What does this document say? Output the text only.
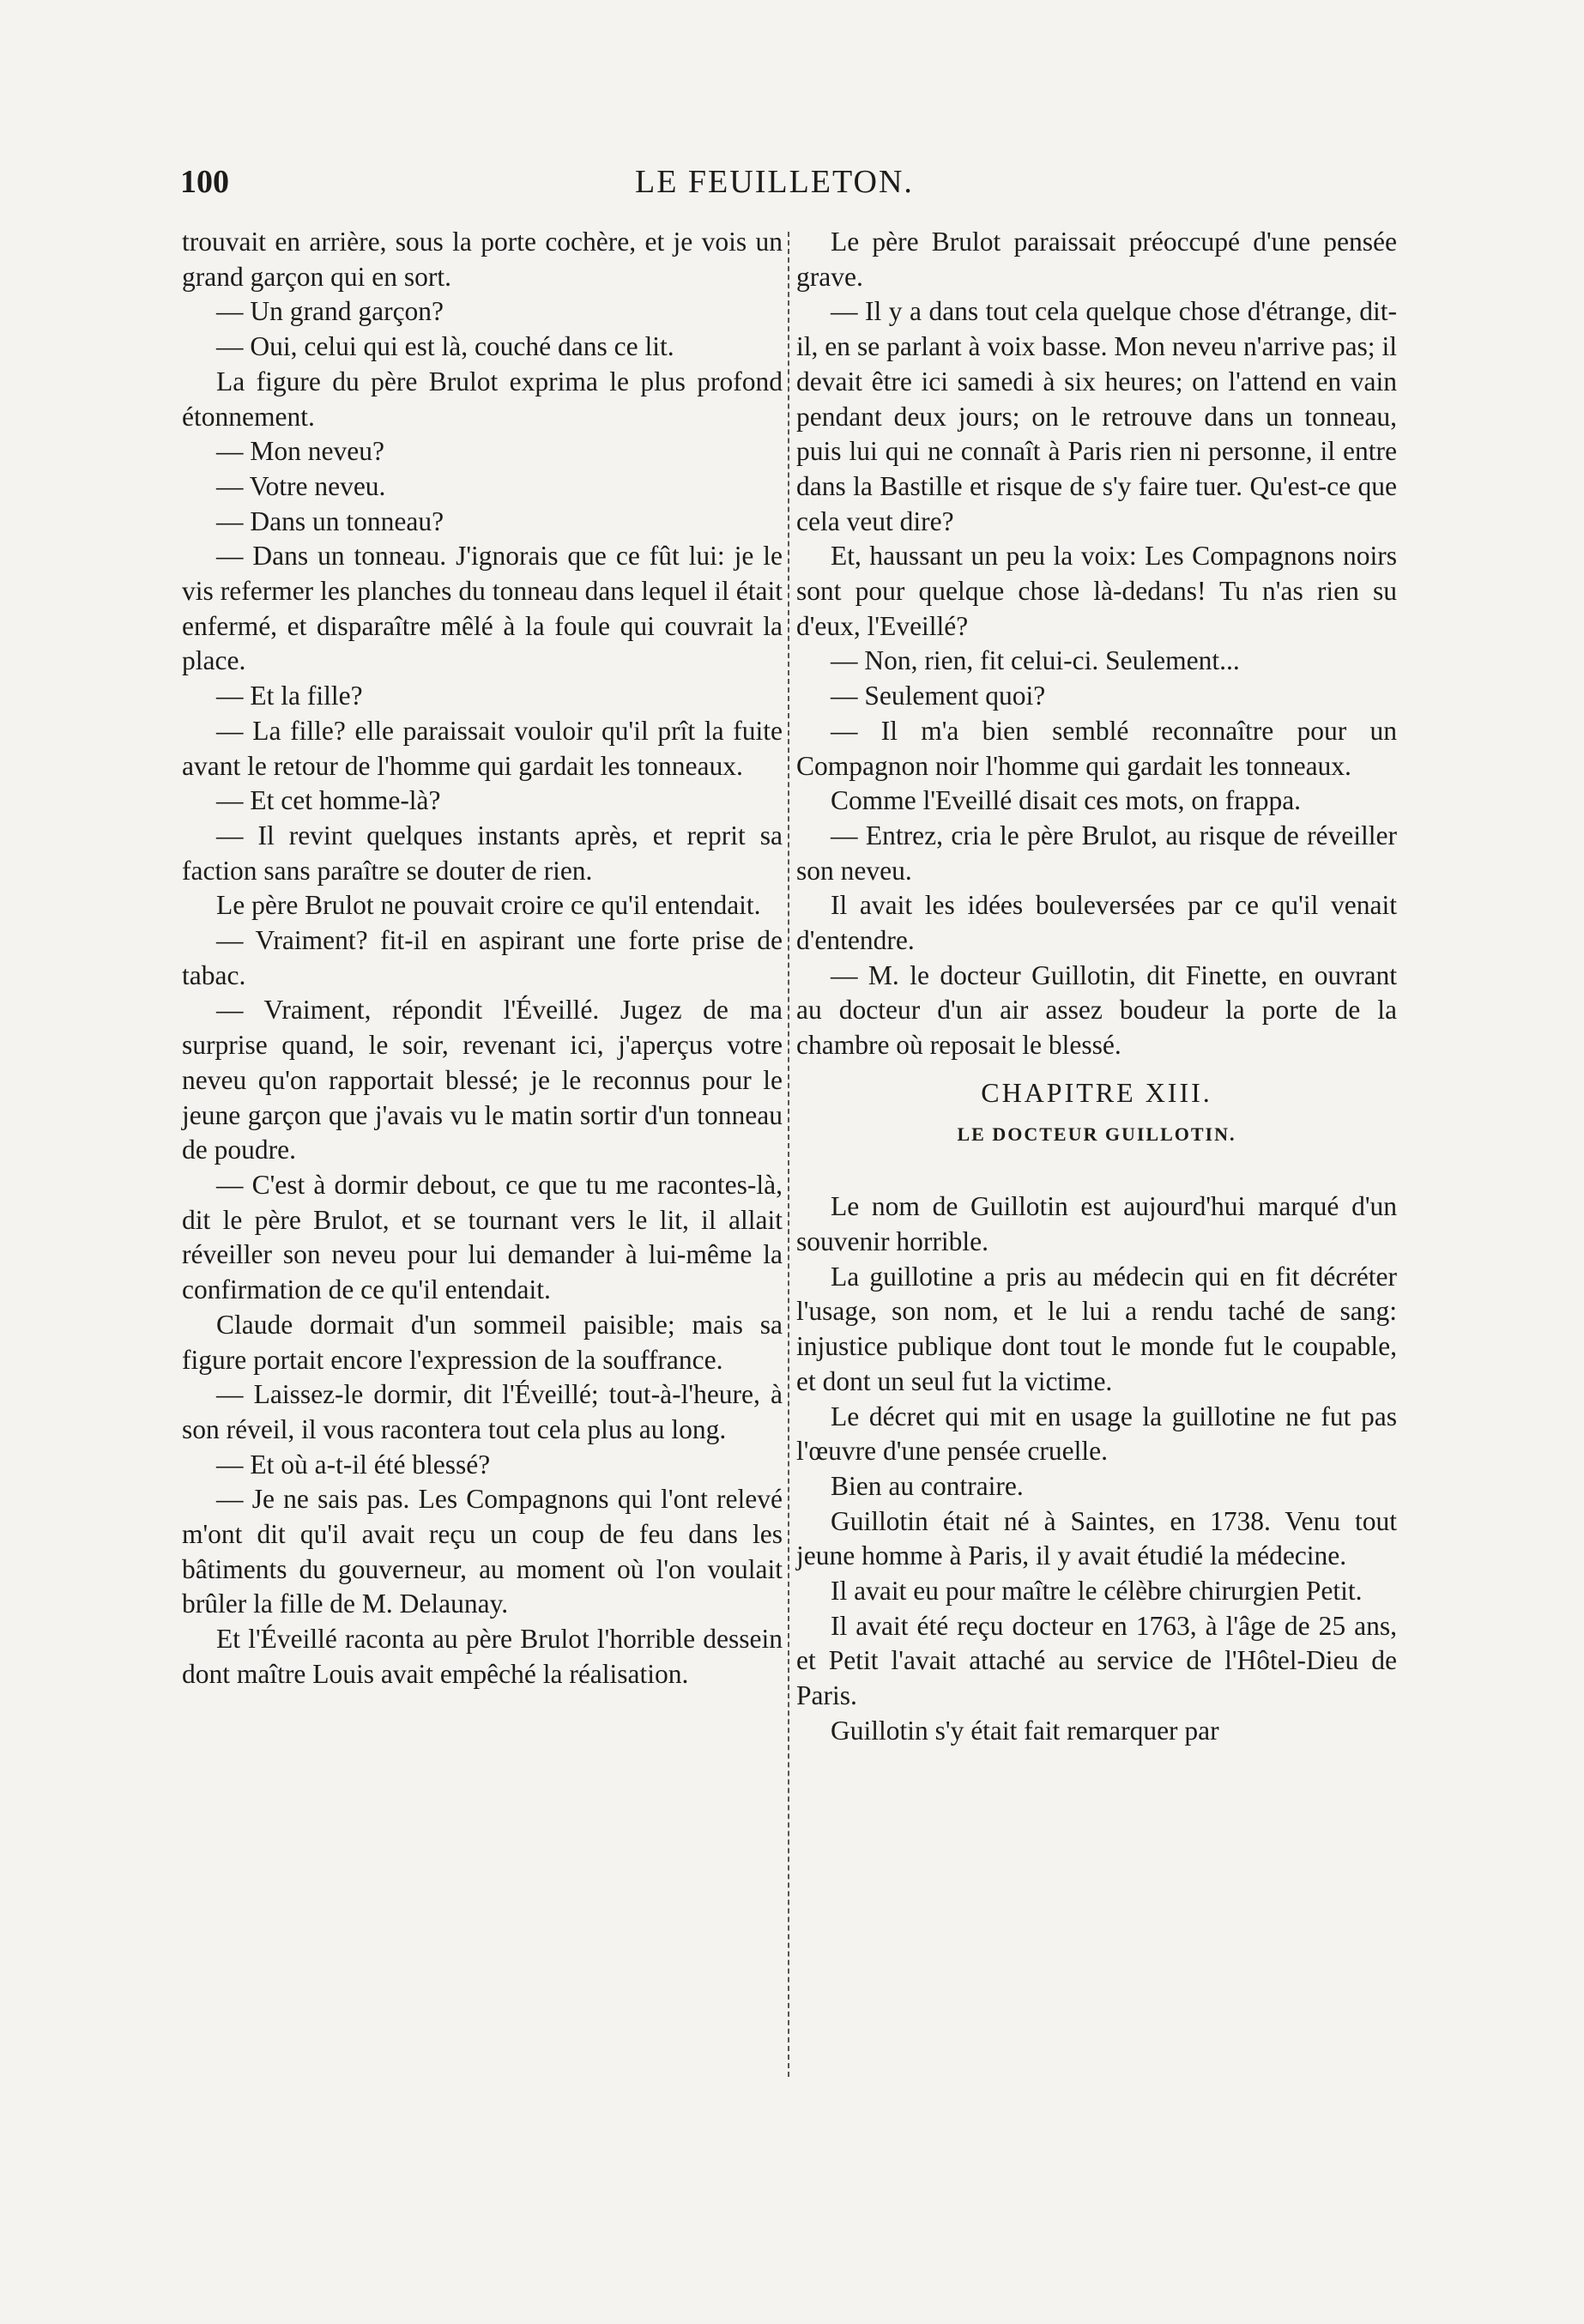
100	LE FEUILLETON.

trouvait en arrière, sous la porte cochère, et je vois un grand garçon qui en sort.

— Un grand garçon?

— Oui, celui qui est là, couché dans ce lit.

La figure du père Brulot exprima le plus profond étonnement.

— Mon neveu?

— Votre neveu.

— Dans un tonneau?

— Dans un tonneau. J'ignorais que ce fût lui: je le vis refermer les planches du tonneau dans lequel il était enfermé, et disparaître mêlé à la foule qui couvrait la place.

— Et la fille?

— La fille? elle paraissait vouloir qu'il prît la fuite avant le retour de l'homme qui gardait les tonneaux.

— Et cet homme-là?

— Il revint quelques instants après, et reprit sa faction sans paraître se douter de rien.

Le père Brulot ne pouvait croire ce qu'il entendait.

— Vraiment? fit-il en aspirant une forte prise de tabac.

— Vraiment, répondit l'Éveillé. Jugez de ma surprise quand, le soir, revenant ici, j'aperçus votre neveu qu'on rapportait blessé; je le reconnus pour le jeune garçon que j'avais vu le matin sortir d'un tonneau de poudre.

— C'est à dormir debout, ce que tu me racontes-là, dit le père Brulot, et se tournant vers le lit, il allait réveiller son neveu pour lui demander à lui-même la confirmation de ce qu'il entendait.

Claude dormait d'un sommeil paisible; mais sa figure portait encore l'expression de la souffrance.

— Laissez-le dormir, dit l'Éveillé; tout-à-l'heure, à son réveil, il vous racontera tout cela plus au long.

— Et où a-t-il été blessé?

— Je ne sais pas. Les Compagnons qui l'ont relevé m'ont dit qu'il avait reçu un coup de feu dans les bâtiments du gouverneur, au moment où l'on voulait brûler la fille de M. Delaunay.

Et l'Éveillé raconta au père Brulot l'horrible dessein dont maître Louis avait empêché la réalisation.

Le père Brulot paraissait préoccupé d'une pensée grave.

— Il y a dans tout cela quelque chose d'étrange, dit-il, en se parlant à voix basse. Mon neveu n'arrive pas; il devait être ici samedi à six heures; on l'attend en vain pendant deux jours; on le retrouve dans un tonneau, puis lui qui ne connaît à Paris rien ni personne, il entre dans la Bastille et risque de s'y faire tuer. Qu'est-ce que cela veut dire?

Et, haussant un peu la voix: Les Compagnons noirs sont pour quelque chose là-dedans! Tu n'as rien su d'eux, l'Eveillé?

— Non, rien, fit celui-ci. Seulement...

— Seulement quoi?

— Il m'a bien semblé reconnaître pour un Compagnon noir l'homme qui gardait les tonneaux.

Comme l'Eveillé disait ces mots, on frappa.

— Entrez, cria le père Brulot, au risque de réveiller son neveu.

Il avait les idées bouleversées par ce qu'il venait d'entendre.

— M. le docteur Guillotin, dit Finette, en ouvrant au docteur d'un air assez boudeur la porte de la chambre où reposait le blessé.

CHAPITRE XIII.
LE DOCTEUR GUILLOTIN.

Le nom de Guillotin est aujourd'hui marqué d'un souvenir horrible.

La guillotine a pris au médecin qui en fit décréter l'usage, son nom, et le lui a rendu taché de sang: injustice publique dont tout le monde fut le coupable, et dont un seul fut la victime.

Le décret qui mit en usage la guillotine ne fut pas l'œuvre d'une pensée cruelle.

Bien au contraire.

Guillotin était né à Saintes, en 1738. Venu tout jeune homme à Paris, il y avait étudié la médecine.

Il avait eu pour maître le célèbre chirurgien Petit.

Il avait été reçu docteur en 1763, à l'âge de 25 ans, et Petit l'avait attaché au service de l'Hôtel-Dieu de Paris.

Guillotin s'y était fait remarquer par
